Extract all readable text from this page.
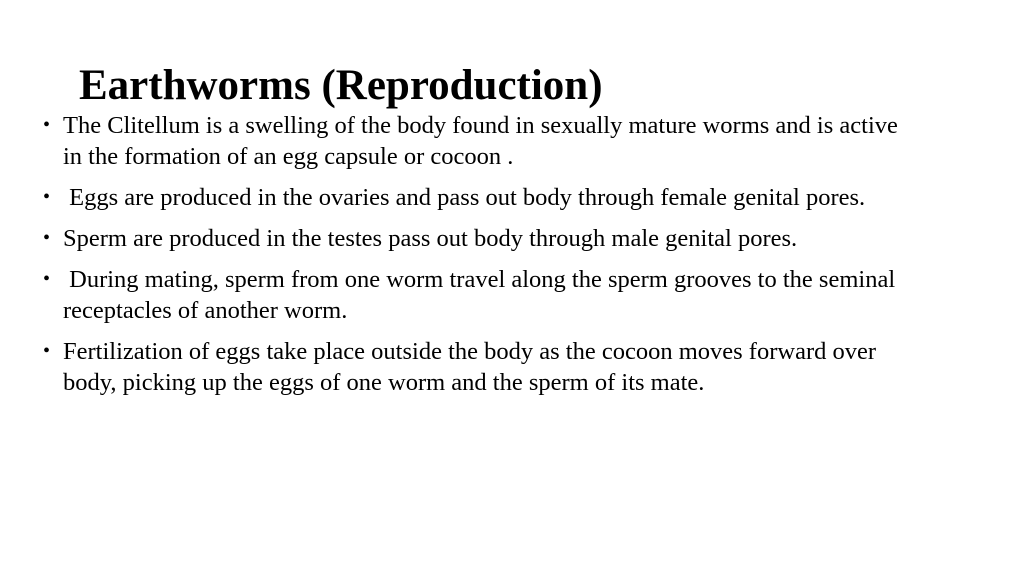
Earthworms (Reproduction)
• The Clitellum is a swelling of the body found in sexually mature worms and is active in the formation of an egg capsule or cocoon .
• Eggs are produced in the ovaries and pass out body through female genital pores.
• Sperm are produced in the testes pass out body through male genital pores.
• During mating, sperm from one worm travel along the sperm grooves to the seminal receptacles of another worm.
• Fertilization of eggs take place outside the body as the cocoon moves forward over body, picking up the eggs of one worm and the sperm of its mate.
